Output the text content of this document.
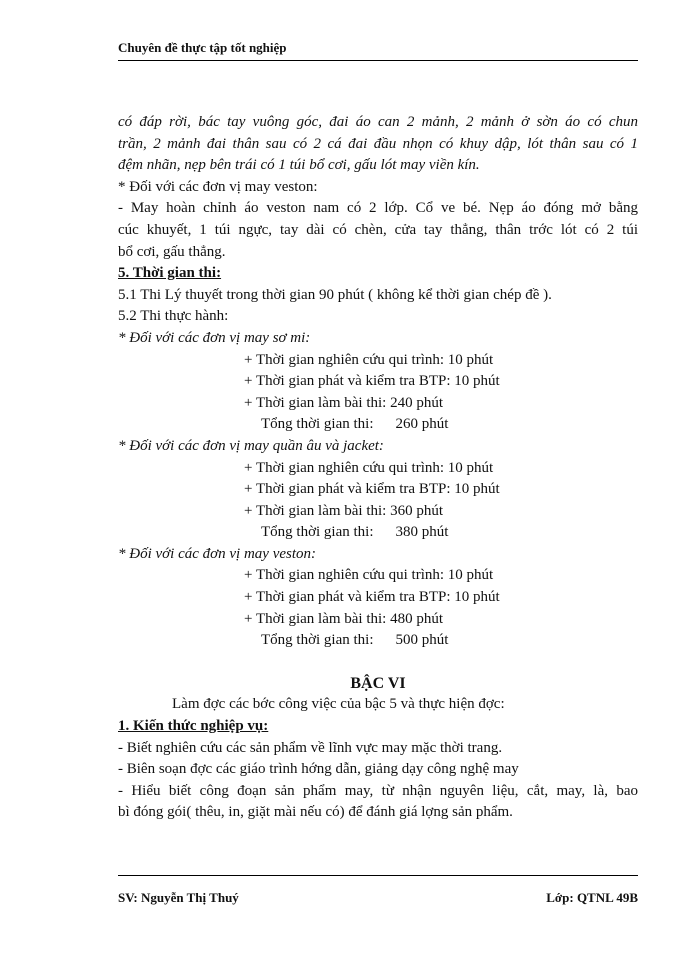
Chuyên đề thực tập tốt nghiệp
có đáp rời, bác tay vuông góc, đai áo can 2 mảnh, 2 mảnh ở sờn áo có chun
trần, 2 mảnh đai thân sau có 2 cá đai đầu nhọn có khuy dập, lót thân sau có 1
đệm nhãn, nẹp bên trái có 1 túi bổ cơi, gấu lót may viền kín.
* Đối với các đơn vị may veston:
- May hoàn chỉnh áo veston nam có 2 lớp. Cổ ve bé. Nẹp áo đóng mở bằng
cúc khuyết, 1 túi ngực, tay dài có chèn, cửa tay thẳng, thân trớc lót có 2 túi
bổ cơi, gấu thẳng.
5. Thời gian thi:
5.1 Thi Lý thuyết trong thời gian 90 phút ( không kể thời gian chép đề ).
5.2 Thi thực hành:
* Đối với các đơn vị may sơ mi:
+ Thời gian nghiên cứu qui trình: 10 phút
+ Thời gian phát và kiểm tra BTP: 10 phút
+ Thời gian làm bài thi: 240 phút
Tổng thời gian thi: 260 phút
* Đối với các đơn vị may quần âu và jacket:
+ Thời gian nghiên cứu qui trình: 10 phút
+ Thời gian phát và kiểm tra BTP: 10 phút
+ Thời gian làm bài thi: 360 phút
Tổng thời gian thi: 380 phút
* Đối với các đơn vị may veston:
+ Thời gian nghiên cứu qui trình: 10 phút
+ Thời gian phát và kiểm tra BTP: 10 phút
+ Thời gian làm bài thi: 480 phút
Tổng thời gian thi: 500 phút
BẬC VI
Làm đợc các bớc công việc của bậc 5 và thực hiện đợc:
1. Kiến thức nghiệp vụ:
- Biết nghiên cứu các sản phẩm về lĩnh vực may mặc thời trang.
- Biên soạn đợc các giáo trình hớng dẫn, giảng dạy công nghệ may
- Hiểu biết công đoạn sản phẩm may, từ nhận nguyên liệu, cắt, may, là, bao
bì đóng gói( thêu, in, giặt mài nếu có) để đánh giá lợng sản phẩm.
SV: Nguyễn Thị Thuý	Lớp: QTNL 49B
